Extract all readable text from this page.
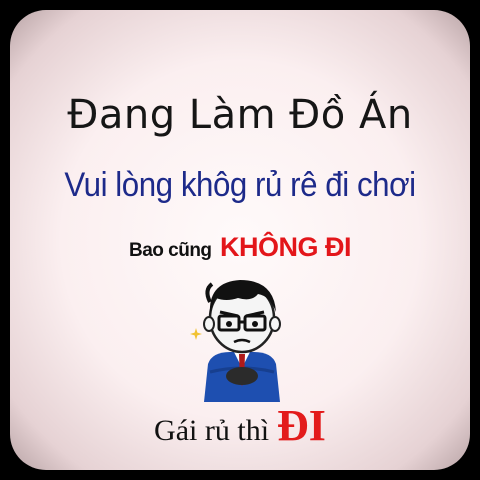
Đang Làm Đồ Án
Vui lòng khôg rủ rê đi chơi
Bao cũng KHÔNG ĐI
Gái rủ thì ĐI
